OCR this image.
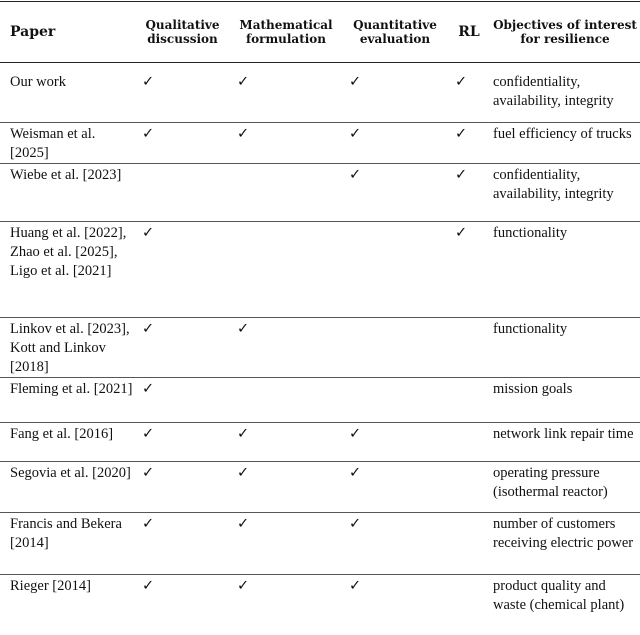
Paper	Qualitative discussion	Mathematical formulation	Quantitative evaluation	RL	Objectives of interest for resilience
Our work	✓	✓	✓	✓	confidentiality, availability, integrity
Weisman et al. [2025]	✓	✓	✓	✓	fuel efficiency of trucks
Wiebe et al. [2023]			✓	✓	confidentiality, availability, integrity
Huang et al. [2022], Zhao et al. [2025], Ligo et al. [2021]	✓			✓	functionality
Linkov et al. [2023], Kott and Linkov [2018]	✓	✓			functionality
Fleming et al. [2021]	✓				mission goals
Fang et al. [2016]	✓	✓	✓		network link repair time
Segovia et al. [2020]	✓	✓	✓		operating pressure (isothermal reactor)
Francis and Bekera [2014]	✓	✓	✓		number of customers receiving electric power
Rieger [2014]	✓	✓	✓		product quality and waste (chemical plant)
